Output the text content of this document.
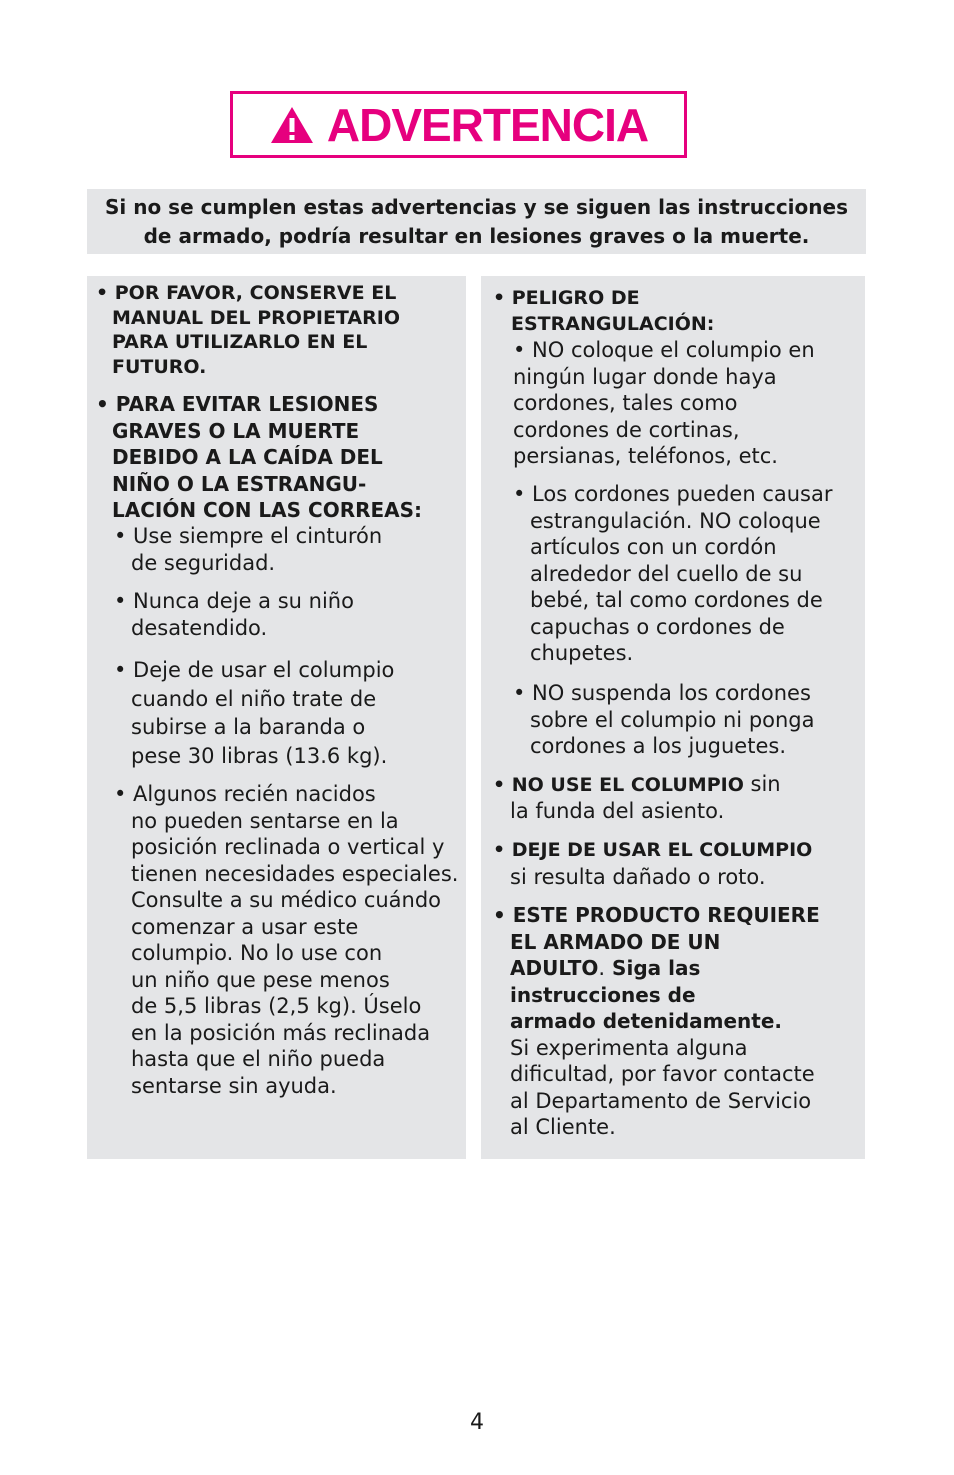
ADVERTENCIA
Si no se cumplen estas advertencias y se siguen las instrucciones
de armado, podría resultar en lesiones graves o la muerte.
• POR FAVOR, CONSERVE EL
MANUAL DEL PROPIETARIO
PARA UTILIZARLO EN EL
FUTURO.
• PARA EVITAR LESIONES
GRAVES O LA MUERTE
DEBIDO A LA CAÍDA DEL
NIÑO O LA ESTRANGU-
LACIÓN CON LAS CORREAS:
• Use siempre el cinturón
de seguridad.
• Nunca deje a su niño
desatendido.
• Deje de usar el columpio
cuando el niño trate de
subirse a la baranda o
pese 30 libras (13.6 kg).
• Algunos recién nacidos
no pueden sentarse en la
posición reclinada o vertical y
tienen necesidades especiales.
Consulte a su médico cuándo
comenzar a usar este
columpio. No lo use con
un niño que pese menos
de 5,5 libras (2,5 kg). Úselo
en la posición más reclinada
hasta que el niño pueda
sentarse sin ayuda.
• PELIGRO DE
ESTRANGULACIÓN:
• NO coloque el columpio en
ningún lugar donde haya
cordones, tales como
cordones de cortinas,
persianas, teléfonos, etc.
• Los cordones pueden causar
estrangulación. NO coloque
artículos con un cordón
alrededor del cuello de su
bebé, tal como cordones de
capuchas o cordones de
chupetes.
• NO suspenda los cordones
sobre el columpio ni ponga
cordones a los juguetes.
• NO USE EL COLUMPIO sin
la funda del asiento.
• DEJE DE USAR EL COLUMPIO
si resulta dañado o roto.
• ESTE PRODUCTO REQUIERE
EL ARMADO DE UN
ADULTO. Siga las
instrucciones de
armado detenidamente.
Si experimenta alguna
dificultad, por favor contacte
al Departamento de Servicio
al Cliente.
4
